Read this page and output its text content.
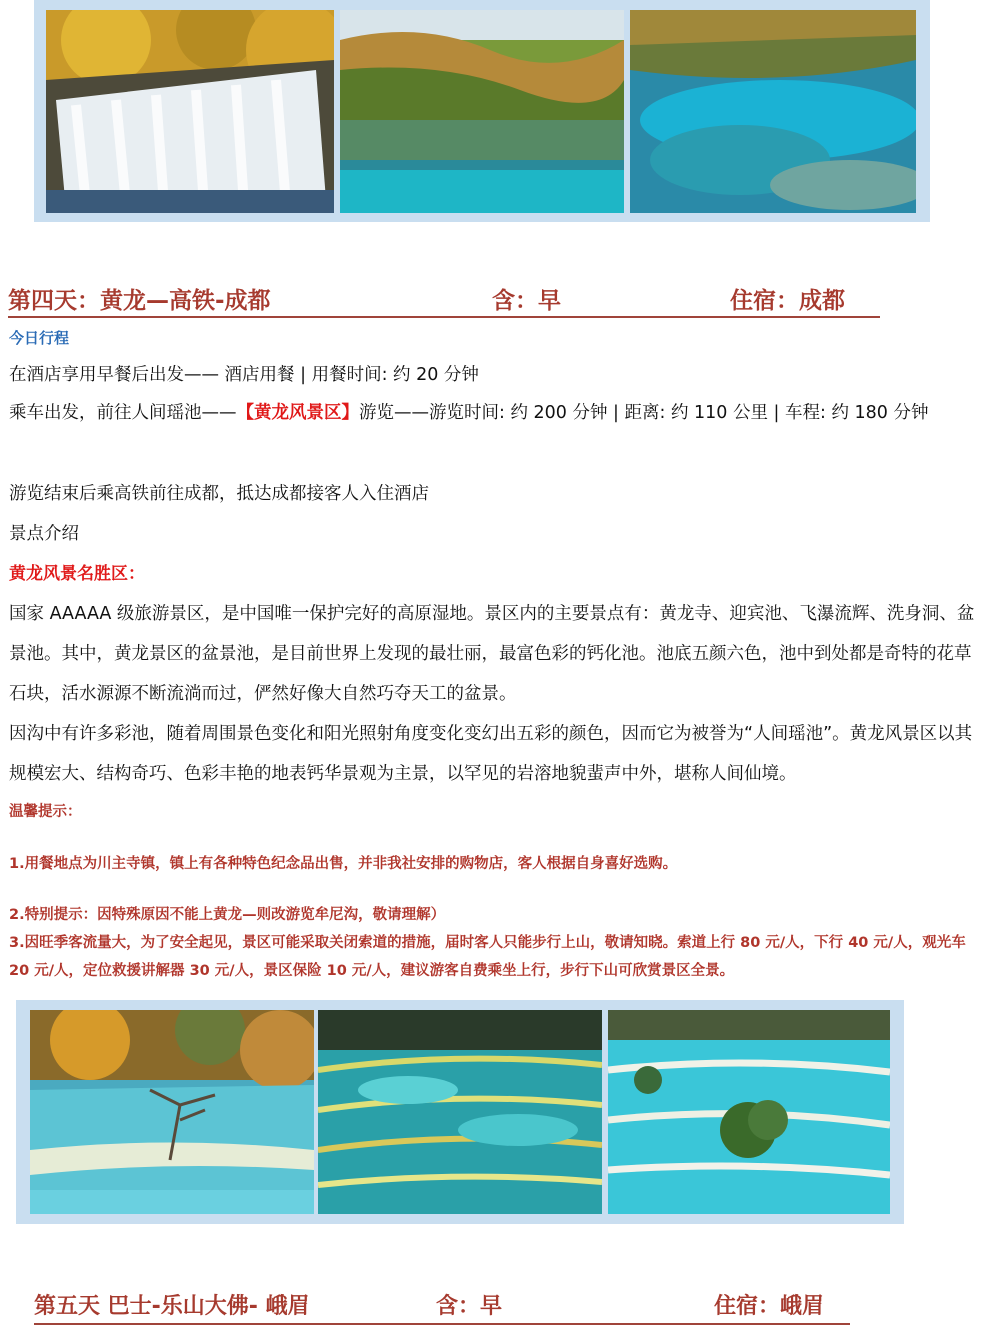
第四天：黄龙—高铁-成都	含：早	住宿：成都
今日行程
在酒店享用早餐后出发—— 酒店用餐 | 用餐时间: 约 20 分钟
乘车出发，前往人间瑶池——【黄龙风景区】游览——游览时间: 约 200 分钟 | 距离: 约 110 公里 | 车程: 约 180 分钟
游览结束后乘高铁前往成都，抵达成都接客人入住酒店
景点介绍
黄龙风景名胜区：
国家 AAAAA 级旅游景区，是中国唯一保护完好的高原湿地。景区内的主要景点有：黄龙寺、迎宾池、飞瀑流辉、洗身洞、盆景池。其中，黄龙景区的盆景池，是目前世界上发现的最壮丽，最富色彩的钙化池。池底五颜六色，池中到处都是奇特的花草石块，活水源源不断流淌而过，俨然好像大自然巧夺天工的盆景。
因沟中有许多彩池，随着周围景色变化和阳光照射角度变化变幻出五彩的颜色，因而它为被誉为“人间瑶池”。黄龙风景区以其规模宏大、结构奇巧、色彩丰艳的地表钙华景观为主景，以罕见的岩溶地貌蜚声中外，堪称人间仙境。
温馨提示：
1.用餐地点为川主寺镇，镇上有各种特色纪念品出售，并非我社安排的购物店，客人根据自身喜好选购。
2.特别提示：因特殊原因不能上黄龙—则改游览牟尼沟，敬请理解）
3.因旺季客流量大，为了安全起见，景区可能采取关闭索道的措施，届时客人只能步行上山，敬请知晓。索道上行 80 元/人，下行 40 元/人，观光车 20 元/人，定位救援讲解器 30 元/人，景区保险 10 元/人，建议游客自费乘坐上行，步行下山可欣赏景区全景。
第五天 巴士-乐山大佛- 峨眉	含：早	住宿：峨眉
